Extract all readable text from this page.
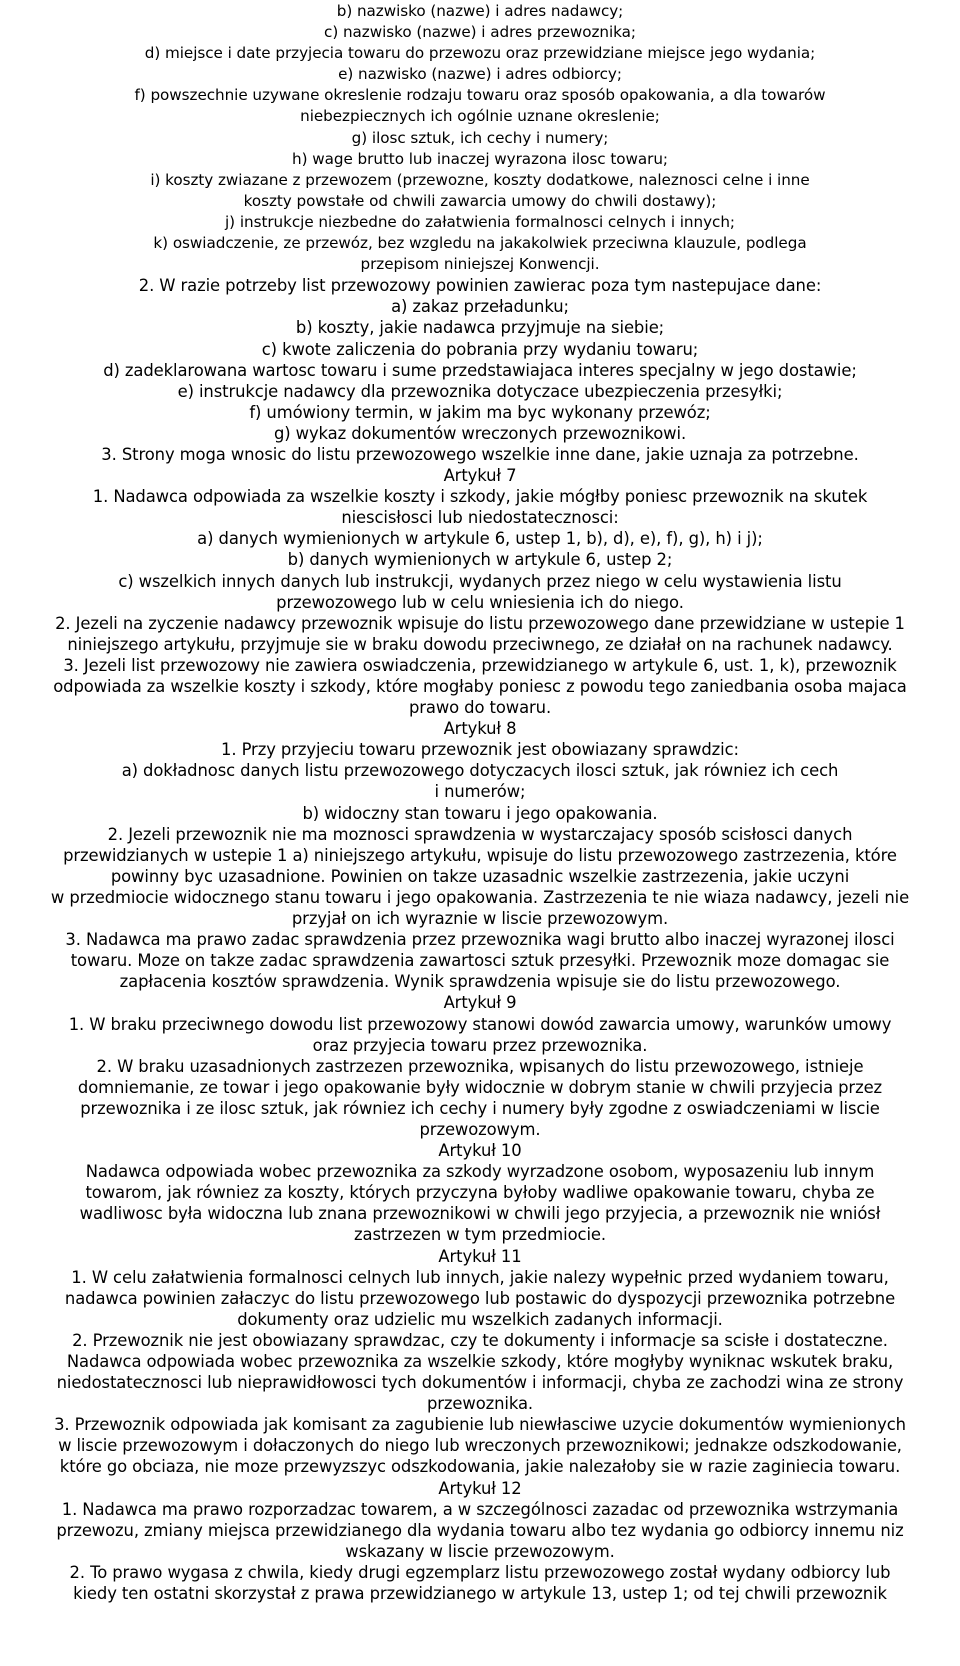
b) nazwisko (nazwe) i adres nadawcy;
c) nazwisko (nazwe) i adres przewoznika;
d) miejsce i date przyjecia towaru do przewozu oraz przewidziane miejsce jego wydania;
e) nazwisko (nazwe) i adres odbiorcy;
f) powszechnie uzywane okreslenie rodzaju towaru oraz sposób opakowania, a dla towarów
niebezpiecznych ich ogólnie uznane okreslenie;
g) ilosc sztuk, ich cechy i numery;
h) wage brutto lub inaczej wyrazona ilosc towaru;
i) koszty zwiazane z przewozem (przewozne, koszty dodatkowe, naleznosci celne i inne
koszty powstałe od chwili zawarcia umowy do chwili dostawy);
j) instrukcje niezbedne do załatwienia formalnosci celnych i innych;
k) oswiadczenie, ze przewóz, bez wzgledu na jakakolwiek przeciwna klauzule, podlega
przepisom niniejszej Konwencji.
2. W razie potrzeby list przewozowy powinien zawierac poza tym nastepujace dane:
a) zakaz przeładunku;
b) koszty, jakie nadawca przyjmuje na siebie;
c) kwote zaliczenia do pobrania przy wydaniu towaru;
d) zadeklarowana wartosc towaru i sume przedstawiajaca interes specjalny w jego dostawie;
e) instrukcje nadawcy dla przewoznika dotyczace ubezpieczenia przesyłki;
f) umówiony termin, w jakim ma byc wykonany przewóz;
g) wykaz dokumentów wreczonych przewoznikowi.
3. Strony moga wnosic do listu przewozowego wszelkie inne dane, jakie uznaja za potrzebne.
Artykuł 7
1. Nadawca odpowiada za wszelkie koszty i szkody, jakie mógłby poniesc przewoznik na skutek
niescisłosci lub niedostatecznosci:
a) danych wymienionych w artykule 6, ustep 1, b), d), e), f), g), h) i j);
b) danych wymienionych w artykule 6, ustep 2;
c) wszelkich innych danych lub instrukcji, wydanych przez niego w celu wystawienia listu
przewozowego lub w celu wniesienia ich do niego.
2. Jezeli na zyczenie nadawcy przewoznik wpisuje do listu przewozowego dane przewidziane w ustepie 1
niniejszego artykułu, przyjmuje sie w braku dowodu przeciwnego, ze działał on na rachunek nadawcy.
3. Jezeli list przewozowy nie zawiera oswiadczenia, przewidzianego w artykule 6, ust. 1, k), przewoznik
odpowiada za wszelkie koszty i szkody, które mogłaby poniesc z powodu tego zaniedbania osoba majaca
prawo do towaru.
Artykuł 8
1. Przy przyjeciu towaru przewoznik jest obowiazany sprawdzic:
a) dokładnosc danych listu przewozowego dotyczacych ilosci sztuk, jak równiez ich cech
i numerów;
b) widoczny stan towaru i jego opakowania.
2. Jezeli przewoznik nie ma moznosci sprawdzenia w wystarczajacy sposób scisłosci danych
przewidzianych w ustepie 1 a) niniejszego artykułu, wpisuje do listu przewozowego zastrzezenia, które
powinny byc uzasadnione. Powinien on takze uzasadnic wszelkie zastrzezenia, jakie uczyni
w przedmiocie widocznego stanu towaru i jego opakowania. Zastrzezenia te nie wiaza nadawcy, jezeli nie
przyjał on ich wyraznie w liscie przewozowym.
3. Nadawca ma prawo zadac sprawdzenia przez przewoznika wagi brutto albo inaczej wyrazonej ilosci
towaru. Moze on takze zadac sprawdzenia zawartosci sztuk przesyłki. Przewoznik moze domagac sie
zapłacenia kosztów sprawdzenia. Wynik sprawdzenia wpisuje sie do listu przewozowego.
Artykuł 9
1. W braku przeciwnego dowodu list przewozowy stanowi dowód zawarcia umowy, warunków umowy
oraz przyjecia towaru przez przewoznika.
2. W braku uzasadnionych zastrzezen przewoznika, wpisanych do listu przewozowego, istnieje
domniemanie, ze towar i jego opakowanie były widocznie w dobrym stanie w chwili przyjecia przez
przewoznika i ze ilosc sztuk, jak równiez ich cechy i numery były zgodne z oswiadczeniami w liscie
przewozowym.
Artykuł 10
Nadawca odpowiada wobec przewoznika za szkody wyrzadzone osobom, wyposazeniu lub innym
towarom, jak równiez za koszty, których przyczyna byłoby wadliwe opakowanie towaru, chyba ze
wadliwosc była widoczna lub znana przewoznikowi w chwili jego przyjecia, a przewoznik nie wniósł
zastrzezen w tym przedmiocie.
Artykuł 11
1. W celu załatwienia formalnosci celnych lub innych, jakie nalezy wypełnic przed wydaniem towaru,
nadawca powinien załaczyc do listu przewozowego lub postawic do dyspozycji przewoznika potrzebne
dokumenty oraz udzielic mu wszelkich zadanych informacji.
2. Przewoznik nie jest obowiazany sprawdzac, czy te dokumenty i informacje sa scisłe i dostateczne.
Nadawca odpowiada wobec przewoznika za wszelkie szkody, które mogłyby wyniknac wskutek braku,
niedostatecznosci lub nieprawidłowosci tych dokumentów i informacji, chyba ze zachodzi wina ze strony
przewoznika.
3. Przewoznik odpowiada jak komisant za zagubienie lub niewłasciwe uzycie dokumentów wymienionych
w liscie przewozowym i dołaczonych do niego lub wreczonych przewoznikowi; jednakze odszkodowanie,
które go obciaza, nie moze przewyzszyc odszkodowania, jakie nalezałoby sie w razie zaginiecia towaru.
Artykuł 12
1. Nadawca ma prawo rozporzadzac towarem, a w szczególnosci zazadac od przewoznika wstrzymania
przewozu, zmiany miejsca przewidzianego dla wydania towaru albo tez wydania go odbiorcy innemu niz
wskazany w liscie przewozowym.
2. To prawo wygasa z chwila, kiedy drugi egzemplarz listu przewozowego został wydany odbiorcy lub
kiedy ten ostatni skorzystał z prawa przewidzianego w artykule 13, ustep 1; od tej chwili przewoznik
